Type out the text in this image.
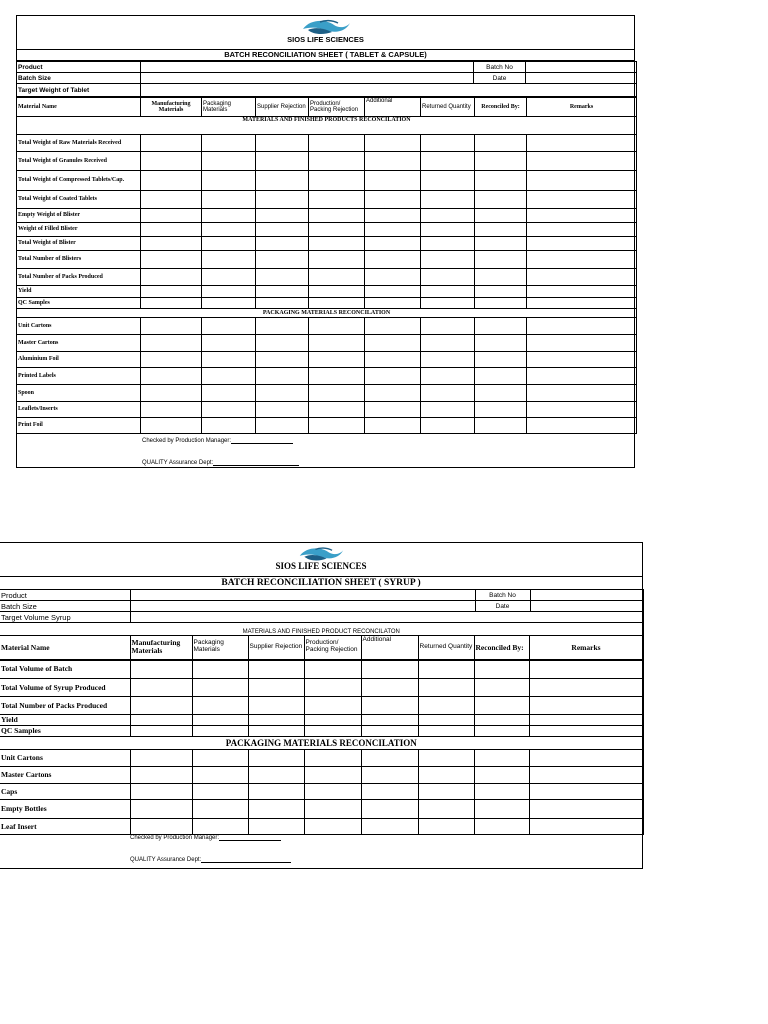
SIOS LIFE SCIENCES
BATCH RECONCILIATION SHEET ( TABLET & CAPSULE)
Product		Batch No	
Batch Size		Date	
Target Weight of Tablet			
Material Name	Manufacturing Materials	Packaging Materials	Supplier Rejection	Production/ Packing Rejection	Additional	Returned Quantity	Reconciled By:	Remarks
MATERIALS AND FINISHED PRODUCTS RECONCILATION								
Total Weight of Raw Materials Received								
Total Weight of Granules Received								
Total Weight of Compressed Tablets/Cap.								
Total Weight of Coated Tablets								
Empty Weight of Blister								
Weight of Filled Blister								
Total Weight of Blister								
Total Number of Blisters								
Total Number of Packs Produced								
Yield								
QC Samples								
PACKAGING MATERIALS RECONCILATION								
Unit Cartons								
Master Cartons								
Aluminium Foil								
Printed Labels								
Spoon								
Leaflets/Inserts								
Print Foil								
Checked by Production Manager:
QUALITY Assurance Dept:
SIOS LIFE SCIENCES
BATCH RECONCILIATION SHEET ( SYRUP )
Product		Batch No	
Batch Size		Date	
Target Volume Syrup			
MATERIALS AND FINISHED PRODUCT RECONCILATON			
Material Name	Manufacturing Materials	Packaging Materials	Supplier Rejection	Production/ Packing Rejection	Additional	Returned Quantity	Reconciled By:	Remarks
Total Volume of Batch								
Total Volume of Syrup Produced								
Total Number of Packs Produced								
Yield								
QC Samples								
PACKAGING MATERIALS RECONCILATION								
Unit Cartons								
Master Cartons								
Caps								
Empty Bottles								
Leaf Insert								
Checked by Production Manager:
QUALITY Assurance Dept:
